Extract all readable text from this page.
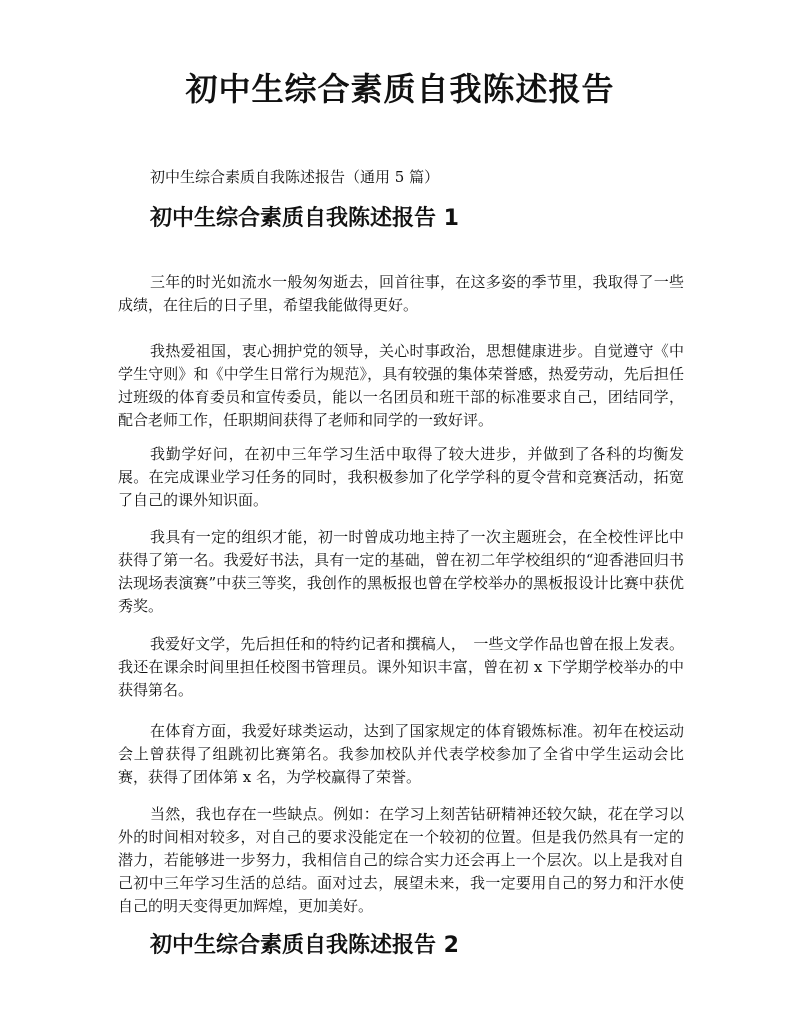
初中生综合素质自我陈述报告
初中生综合素质自我陈述报告（通用 5 篇）
初中生综合素质自我陈述报告 1

三年的时光如流水一般匆匆逝去，回首往事，在这多姿的季节里，我取得了一些成绩，在往后的日子里，希望我能做得更好。

我热爱祖国，衷心拥护党的领导，关心时事政治，思想健康进步。自觉遵守《中学生守则》和《中学生日常行为规范》，具有较强的集体荣誉感，热爱劳动，先后担任过班级的体育委员和宣传委员，能以一名团员和班干部的标准要求自己，团结同学，配合老师工作，任职期间获得了老师和同学的一致好评。

我勤学好问，在初中三年学习生活中取得了较大进步，并做到了各科的均衡发展。在完成课业学习任务的同时，我积极参加了化学学科的夏令营和竞赛活动，拓宽了自己的课外知识面。

我具有一定的组织才能，初一时曾成功地主持了一次主题班会，在全校性评比中获得了第一名。我爱好书法，具有一定的基础，曾在初二年学校组织的“迎香港回归书法现场表演赛”中获三等奖，我创作的黑板报也曾在学校举办的黑板报设计比赛中获优秀奖。

我爱好文学，先后担任和的特约记者和撰稿人，　一些文学作品也曾在报上发表。我还在课余时间里担任校图书管理员。课外知识丰富，曾在初 x 下学期学校举办的中获得第名。

在体育方面，我爱好球类运动，达到了国家规定的体育锻炼标准。初年在校运动会上曾获得了组跳初比赛第名。我参加校队并代表学校参加了全省中学生运动会比赛，获得了团体第 x 名，为学校赢得了荣誉。

当然，我也存在一些缺点。例如：在学习上刻苦钻研精神还较欠缺，花在学习以外的时间相对较多，对自己的要求没能定在一个较初的位置。但是我仍然具有一定的潜力，若能够进一步努力，我相信自己的综合实力还会再上一个层次。以上是我对自己初中三年学习生活的总结。面对过去，展望未来，我一定要用自己的努力和汗水使自己的明天变得更加辉煌，更加美好。

初中生综合素质自我陈述报告 2
